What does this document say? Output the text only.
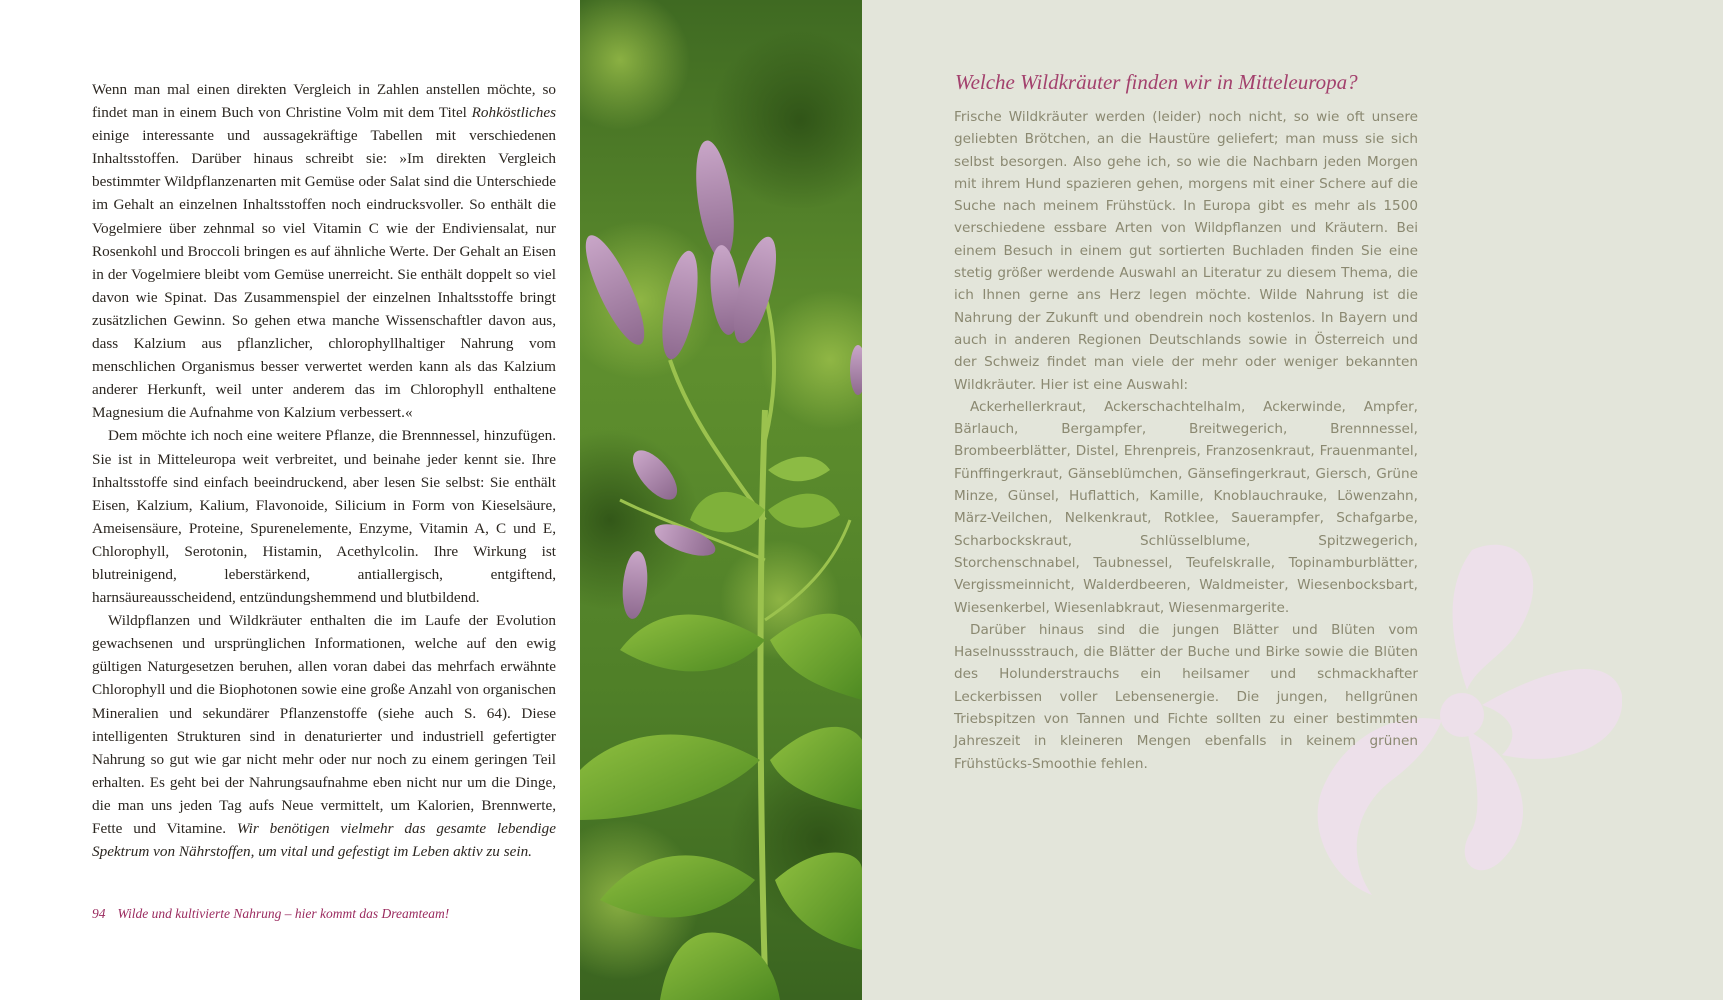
Wenn man mal einen direkten Vergleich in Zahlen anstellen möchte, so findet man in einem Buch von Christine Volm mit dem Titel Rohköstliches einige interessante und aussagekräftige Tabellen mit verschiedenen Inhaltsstoffen. Darüber hinaus schreibt sie: »Im direkten Vergleich bestimmter Wildpflanzenarten mit Gemüse oder Salat sind die Unterschiede im Gehalt an einzelnen Inhaltsstoffen noch eindrucksvoller. So enthält die Vogelmiere über zehnmal so viel Vitamin C wie der Endiviensalat, nur Rosenkohl und Broccoli bringen es auf ähnliche Werte. Der Gehalt an Eisen in der Vogelmiere bleibt vom Gemüse unerreicht. Sie enthält doppelt so viel davon wie Spinat. Das Zusammenspiel der einzelnen Inhaltsstoffe bringt zusätzlichen Gewinn. So gehen etwa manche Wissenschaftler davon aus, dass Kalzium aus pflanzlicher, chlorophyllhaltiger Nahrung vom menschlichen Organismus besser verwertet werden kann als das Kalzium anderer Herkunft, weil unter anderem das im Chlorophyll enthaltene Magnesium die Aufnahme von Kalzium verbessert.«

Dem möchte ich noch eine weitere Pflanze, die Brennnessel, hinzufügen. Sie ist in Mitteleuropa weit verbreitet, und beinahe jeder kennt sie. Ihre Inhaltsstoffe sind einfach beeindruckend, aber lesen Sie selbst: Sie enthält Eisen, Kalzium, Kalium, Flavonoide, Silicium in Form von Kieselsäure, Ameisensäure, Proteine, Spurenelemente, Enzyme, Vitamin A, C und E, Chlorophyll, Serotonin, Histamin, Acethylcolin. Ihre Wirkung ist blutreinigend, leberstärkend, antiallergisch, entgiftend, harnsäureausscheidend, entzündungshemmend und blutbildend.

Wildpflanzen und Wildkräuter enthalten die im Laufe der Evolution gewachsenen und ursprünglichen Informationen, welche auf den ewig gültigen Naturgesetzen beruhen, allen voran dabei das mehrfach erwähnte Chlorophyll und die Biophotonen sowie eine große Anzahl von organischen Mineralien und sekundärer Pflanzenstoffe (siehe auch S. 64). Diese intelligenten Strukturen sind in denaturierter und industriell gefertigter Nahrung so gut wie gar nicht mehr oder nur noch zu einem geringen Teil erhalten. Es geht bei der Nahrungsaufnahme eben nicht nur um die Dinge, die man uns jeden Tag aufs Neue vermittelt, um Kalorien, Brennwerte, Fette und Vitamine. Wir benötigen vielmehr das gesamte lebendige Spektrum von Nährstoffen, um vital und gefestigt im Leben aktiv zu sein.

94 Wilde und kultivierte Nahrung – hier kommt das Dreamteam!
Welche Wildkräuter finden wir in Mitteleuropa?

Frische Wildkräuter werden (leider) noch nicht, so wie oft unsere geliebten Brötchen, an die Haustüre geliefert; man muss sie sich selbst besorgen. Also gehe ich, so wie die Nachbarn jeden Morgen mit ihrem Hund spazieren gehen, morgens mit einer Schere auf die Suche nach meinem Frühstück. In Europa gibt es mehr als 1500 verschiedene essbare Arten von Wildpflanzen und Kräutern. Bei einem Besuch in einem gut sortierten Buchladen finden Sie eine stetig größer werdende Auswahl an Literatur zu diesem Thema, die ich Ihnen gerne ans Herz legen möchte. Wilde Nahrung ist die Nahrung der Zukunft und obendrein noch kostenlos. In Bayern und auch in anderen Regionen Deutschlands sowie in Österreich und der Schweiz findet man viele der mehr oder weniger bekannten Wildkräuter. Hier ist eine Auswahl:

Ackerhellerkraut, Ackerschachtelhalm, Ackerwinde, Ampfer, Bärlauch, Bergampfer, Breitwegerich, Brennnessel, Brombeerblätter, Distel, Ehrenpreis, Franzosenkraut, Frauenmantel, Fünffingerkraut, Gänseblümchen, Gänsefingerkraut, Giersch, Grüne Minze, Günsel, Huflattich, Kamille, Knoblauchrauke, Löwenzahn, März-Veilchen, Nelkenkraut, Rotklee, Sauerampfer, Schafgarbe, Scharbockskraut, Schlüsselblume, Spitzwegerich, Storchenschnabel, Taubnessel, Teufelskralle, Topinamburblätter, Vergissmeinnicht, Walderdbeeren, Waldmeister, Wiesenbocksbart, Wiesenkerbel, Wiesenlabkraut, Wiesenmargerite.

Darüber hinaus sind die jungen Blätter und Blüten vom Haselnussstrauch, die Blätter der Buche und Birke sowie die Blüten des Holunderstrauchs ein heilsamer und schmackhafter Leckerbissen voller Lebensenergie. Die jungen, hellgrünen Triebspitzen von Tannen und Fichte sollten zu einer bestimmten Jahreszeit in kleineren Mengen ebenfalls in keinem grünen Frühstücks-Smoothie fehlen.
